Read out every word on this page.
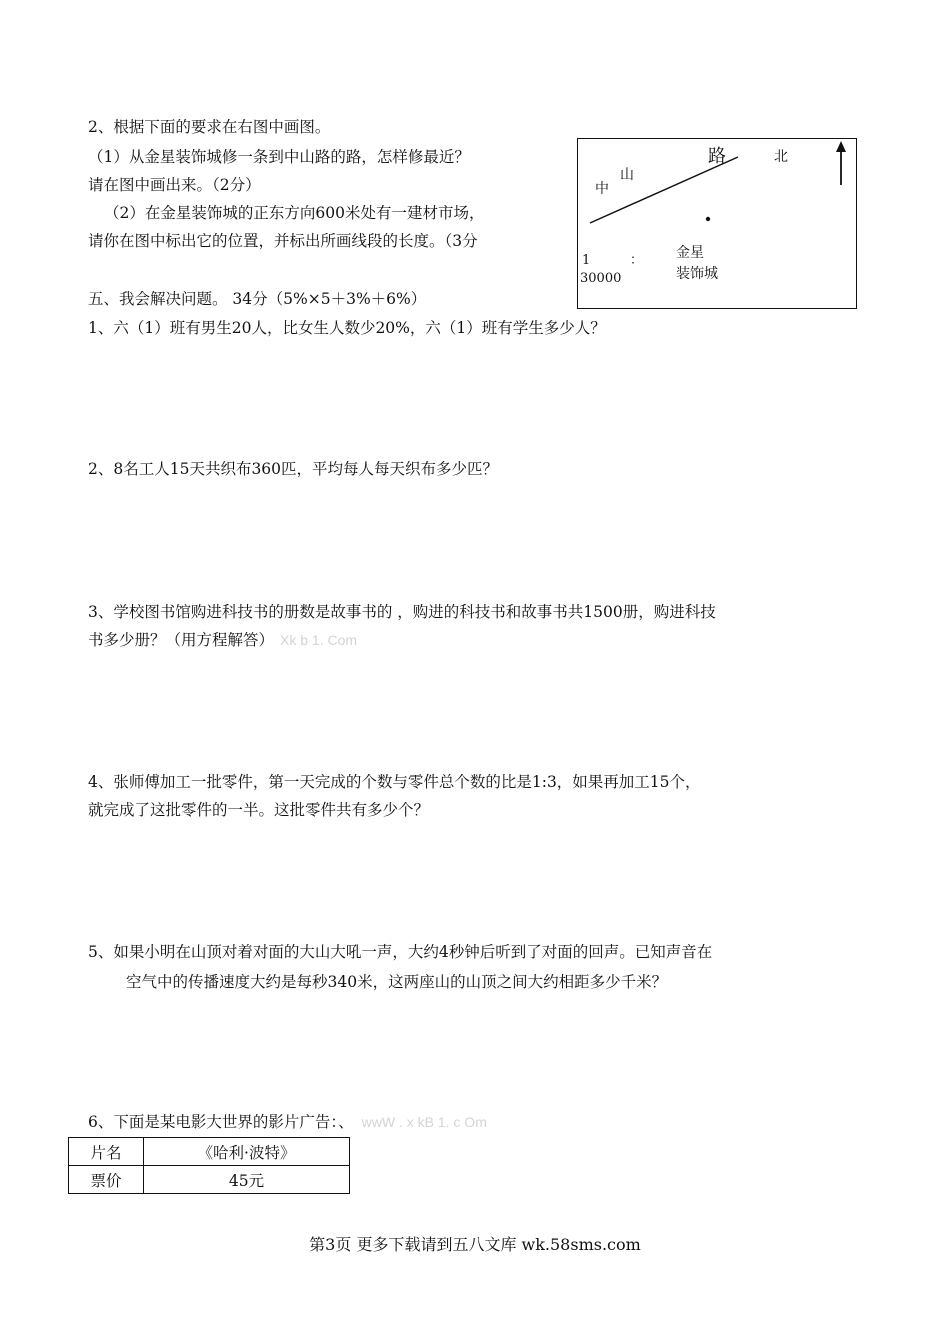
2、根据下面的要求在右图中画图。
（1）从金星装饰城修一条到中山路的路，怎样修最近？
请在图中画出来。（2分）
（2）在金星装饰城的正东方向600米处有一建材市场，
请你在图中标出它的位置，并标出所画线段的长度。（3分
中
山
路	北
1	：
30000
金星
装饰城
五、我会解决问题。 34分（5%×5＋3%＋6%）
1、六（1）班有男生20人，比女生人数少20%，六（1）班有学生多少人？
2、8名工人15天共织布360匹，平均每人每天织布多少匹？
3、学校图书馆购进科技书的册数是故事书的 ，购进的科技书和故事书共1500册，购进科技
书多少册？（用方程解答） Xk b 1. Com
4、张师傅加工一批零件，第一天完成的个数与零件总个数的比是1:3，如果再加工15个，
就完成了这批零件的一半。这批零件共有多少个？
5、如果小明在山顶对着对面的大山大吼一声，大约4秒钟后听到了对面的回声。已知声音在
空气中的传播速度大约是每秒340米，这两座山的山顶之间大约相距多少千米？
6、下面是某电影大世界的影片广告：、 wwW . x kB 1. c Om
片名	《哈利·波特》
票价	45元
第3页 更多下载请到五八文库 wk.58sms.com
